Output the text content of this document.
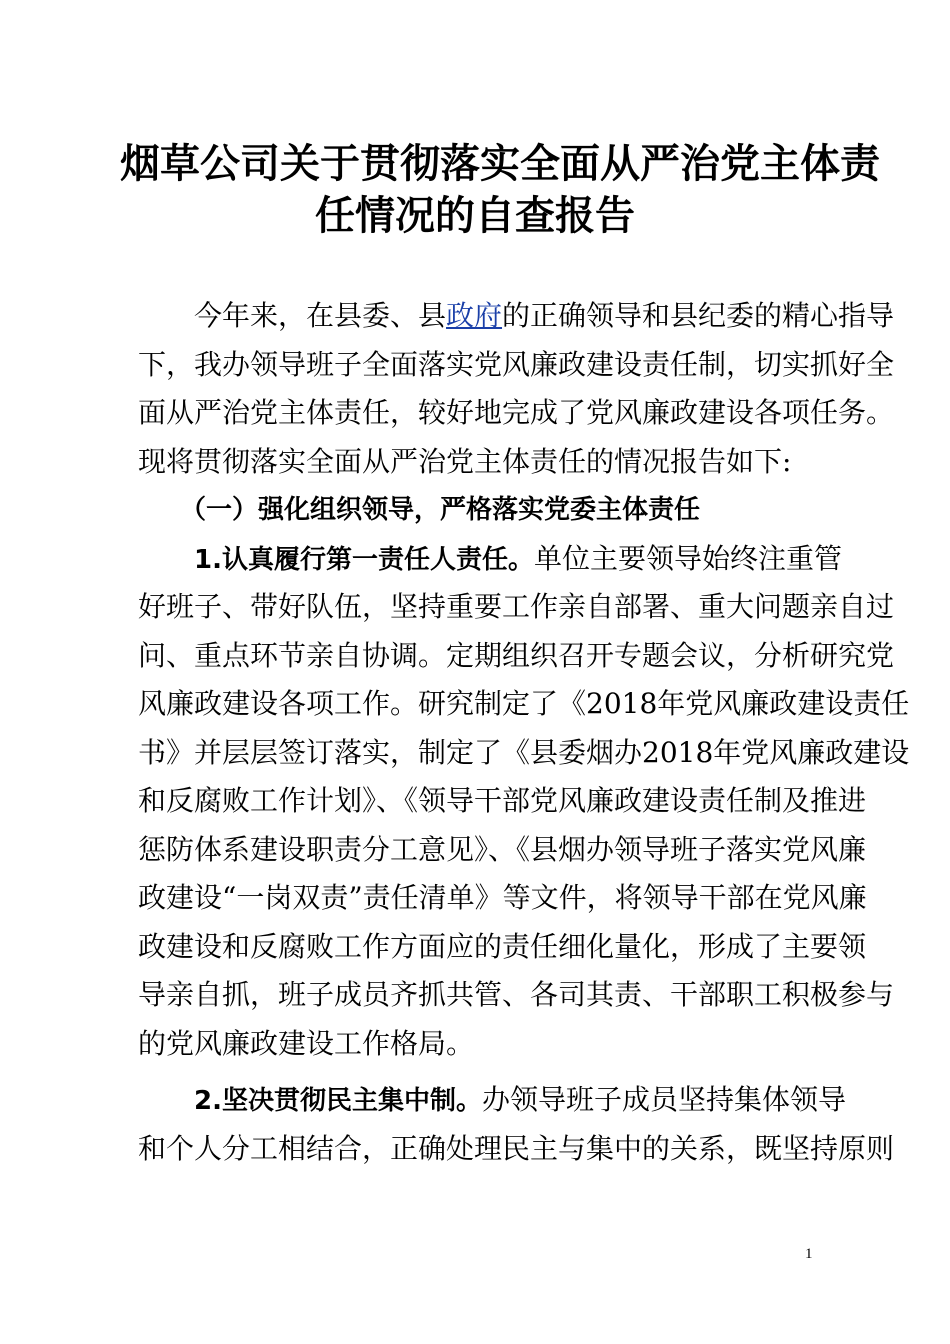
烟草公司关于贯彻落实全面从严治党主体责
任情况的自查报告
今年来，在县委、县政府的正确领导和县纪委的精心指导
下，我办领导班子全面落实党风廉政建设责任制，切实抓好全
面从严治党主体责任，较好地完成了党风廉政建设各项任务。
现将贯彻落实全面从严治党主体责任的情况报告如下:
（一）强化组织领导，严格落实党委主体责任
1.认真履行第一责任人责任。单位主要领导始终注重管
好班子、带好队伍，坚持重要工作亲自部署、重大问题亲自过
问、重点环节亲自协调。定期组织召开专题会议，分析研究党
风廉政建设各项工作。研究制定了《2018年党风廉政建设责任
书》并层层签订落实，制定了《县委烟办2018年党风廉政建设
和反腐败工作计划》、《领导干部党风廉政建设责任制及推进
惩防体系建设职责分工意见》、《县烟办领导班子落实党风廉
政建设“一岗双责”责任清单》等文件，将领导干部在党风廉
政建设和反腐败工作方面应的责任细化量化，形成了主要领
导亲自抓，班子成员齐抓共管、各司其责、干部职工积极参与
的党风廉政建设工作格局。
2.坚决贯彻民主集中制。办领导班子成员坚持集体领导
和个人分工相结合，正确处理民主与集中的关系，既坚持原则
1
